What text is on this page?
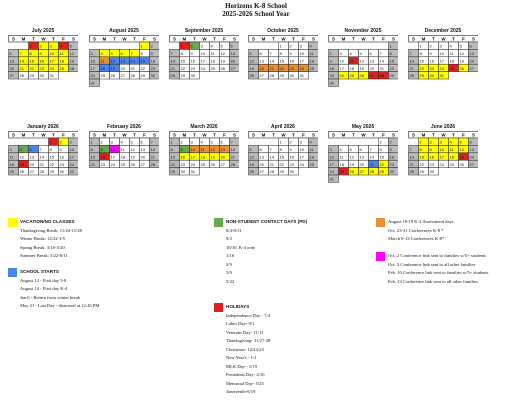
Horizons K-8 School
2025-2026 School Year
July 2025
S M T W T F S
1 2 3 4 5
6 7 8 9 10 11 12
13 14 15 16 17 18 19
20 21 22 23 24 25 26
27 28 29 30 31
August 2025
S M T W T F S
1 2
3 4 5 6 7 8 9
10 11 12 13 14 15 16
17 18 19 20 21 22 23
24 25 26 27 28 29 30
31
September 2025
S M T W T F S
1 2 3 4 5 6
7 8 9 10 11 12 13
14 15 16 17 18 19 20
21 22 23 24 25 26 27
28 29 30
October 2025
S M T W T F S
1 2 3 4
5 6 7 8 9 10 11
12 13 14 15 16 17 18
19 20 21 22 23 24 25
26 27 28 29 30 31
November 2025
S M T W T F S
1
2 3 4 5 6 7 8
9 10 11 12 13 14 15
16 17 18 19 20 21 22
23 24 25 26 27 28 29
30
December 2025
S M T W T F S
1 2 3 4 5 6
7 8 9 10 11 12 13
14 15 16 17 18 19 20
21 22 23 24 25 26 27
28 29 30 31
January 2026
S M T W T F S
1 2 3
4 5 6 7 8 9 10
11 12 13 14 15 16 17
18 19 20 21 22 23 24
25 26 27 28 29 30 31
February 2026
S M T W T F S
1 2 3 4 5 6 7
8 9 10 11 12 13 14
15 16 17 18 19 20 21
22 23 24 25 26 27 28
March 2026
S M T W T F S
1 2 3 4 5 6 7
8 9 10 11 12 13 14
15 16 17 18 19 20 21
22 23 24 25 26 27 28
29 30 31
April 2026
S M T W T F S
1 2 3 4
5 6 7 8 9 10 11
12 13 14 15 16 17 18
19 20 21 22 23 24 25
26 27 28 29 30
May 2026
S M T W T F S
1 2
3 4 5 6 7 8 9
10 11 12 13 14 15 16
17 18 19 20 21 22 23
24 25 26 27 28 29 30
31
June 2026
S M T W T F S
1 2 3 4 5 6
7 8 9 10 11 12 13
14 15 16 17 18 19 20
21 22 23 24 25 26 27
28 29 30
VACATION/NO CLASSES
Thanksgiving Break: 11/24-11/28
Winter Break: 12/22-1/5
Spring Break: 3/16-3/20
Summer Break: 5/22-8/11
SCHOOL STARTS
August 12 - First day 5-8
August 14 - First day K-4
Jan 6 - Return from winter break
May 21 - Last Day - dismissal at 12:45 PM
NON-STUDENT CONTACT DAYS (PD)
8/4-8/11
9/2
10/10, K-4 only
1/16
2/9
3/9
5/22
HOLIDAYS
Independence Day - 7/4
Labor Day- 9/1
Veterans Day- 11/11
Thanksgiving- 11/27-28
Christmas- 12/24-25
New Year's - 1/1
MLK Day - 1/19
Presidents Day- 2/16
Memorial Day- 5/25
Juneteenth-6/19
August 18-19 K-2 Assessment days
Oct. 23-31 Conferences K-8 *
March 9-13 Conferences K-8*
Oct. 2 Conference link sent to families w/5+ students
Oct. 3 Conference link sent to all other families
Feb. 10 Conference link sent to families w/5+ students
Feb. 13 Conference link sent to all other families
